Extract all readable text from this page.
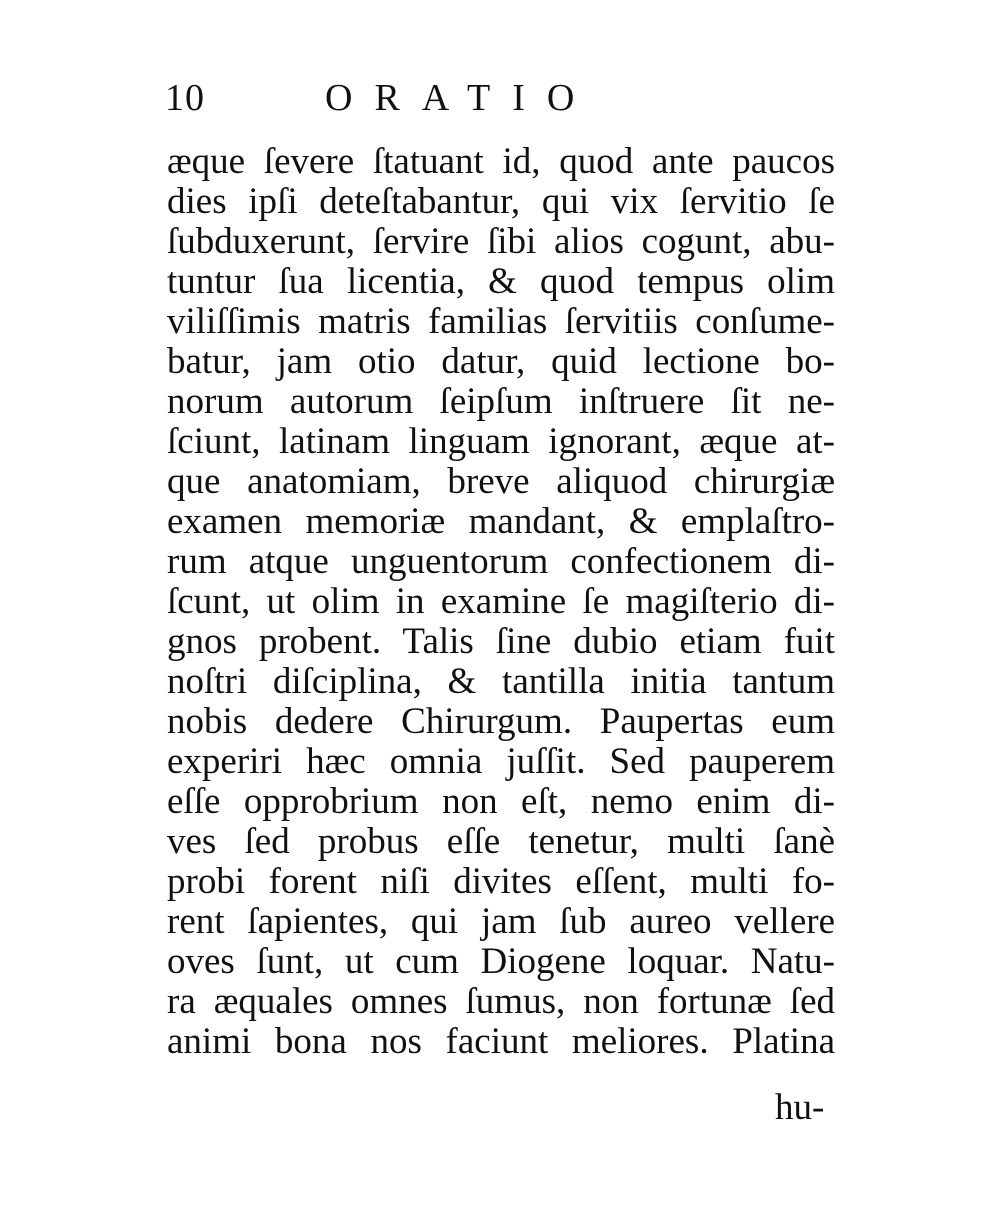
10	ORATIO
æque ſevere ſtatuant id, quod ante paucos
dies ipſi deteſtabantur, qui vix ſervitio ſe
ſubduxerunt, ſervire ſibi alios cogunt, abu-
tuntur ſua licentia, & quod tempus olim
viliſſimis matris familias ſervitiis conſume-
batur, jam otio datur, quid lectione bo-
norum autorum ſeipſum inſtruere ſit ne-
ſciunt, latinam linguam ignorant, æque at-
que anatomiam, breve aliquod chirurgiæ
examen memoriæ mandant, & emplaſtro-
rum atque unguentorum confectionem di-
ſcunt, ut olim in examine ſe magiſterio di-
gnos probent. Talis ſine dubio etiam fuit
noſtri diſciplina, & tantilla initia tantum
nobis dedere Chirurgum. Paupertas eum
experiri hæc omnia juſſit. Sed pauperem
eſſe opprobrium non eſt, nemo enim di-
ves ſed probus eſſe tenetur, multi ſanè
probi forent niſi divites eſſent, multi fo-
rent ſapientes, qui jam ſub aureo vellere
oves ſunt, ut cum Diogene loquar. Natu-
ra æquales omnes ſumus, non fortunæ ſed
animi bona nos faciunt meliores. Platina
hu-
